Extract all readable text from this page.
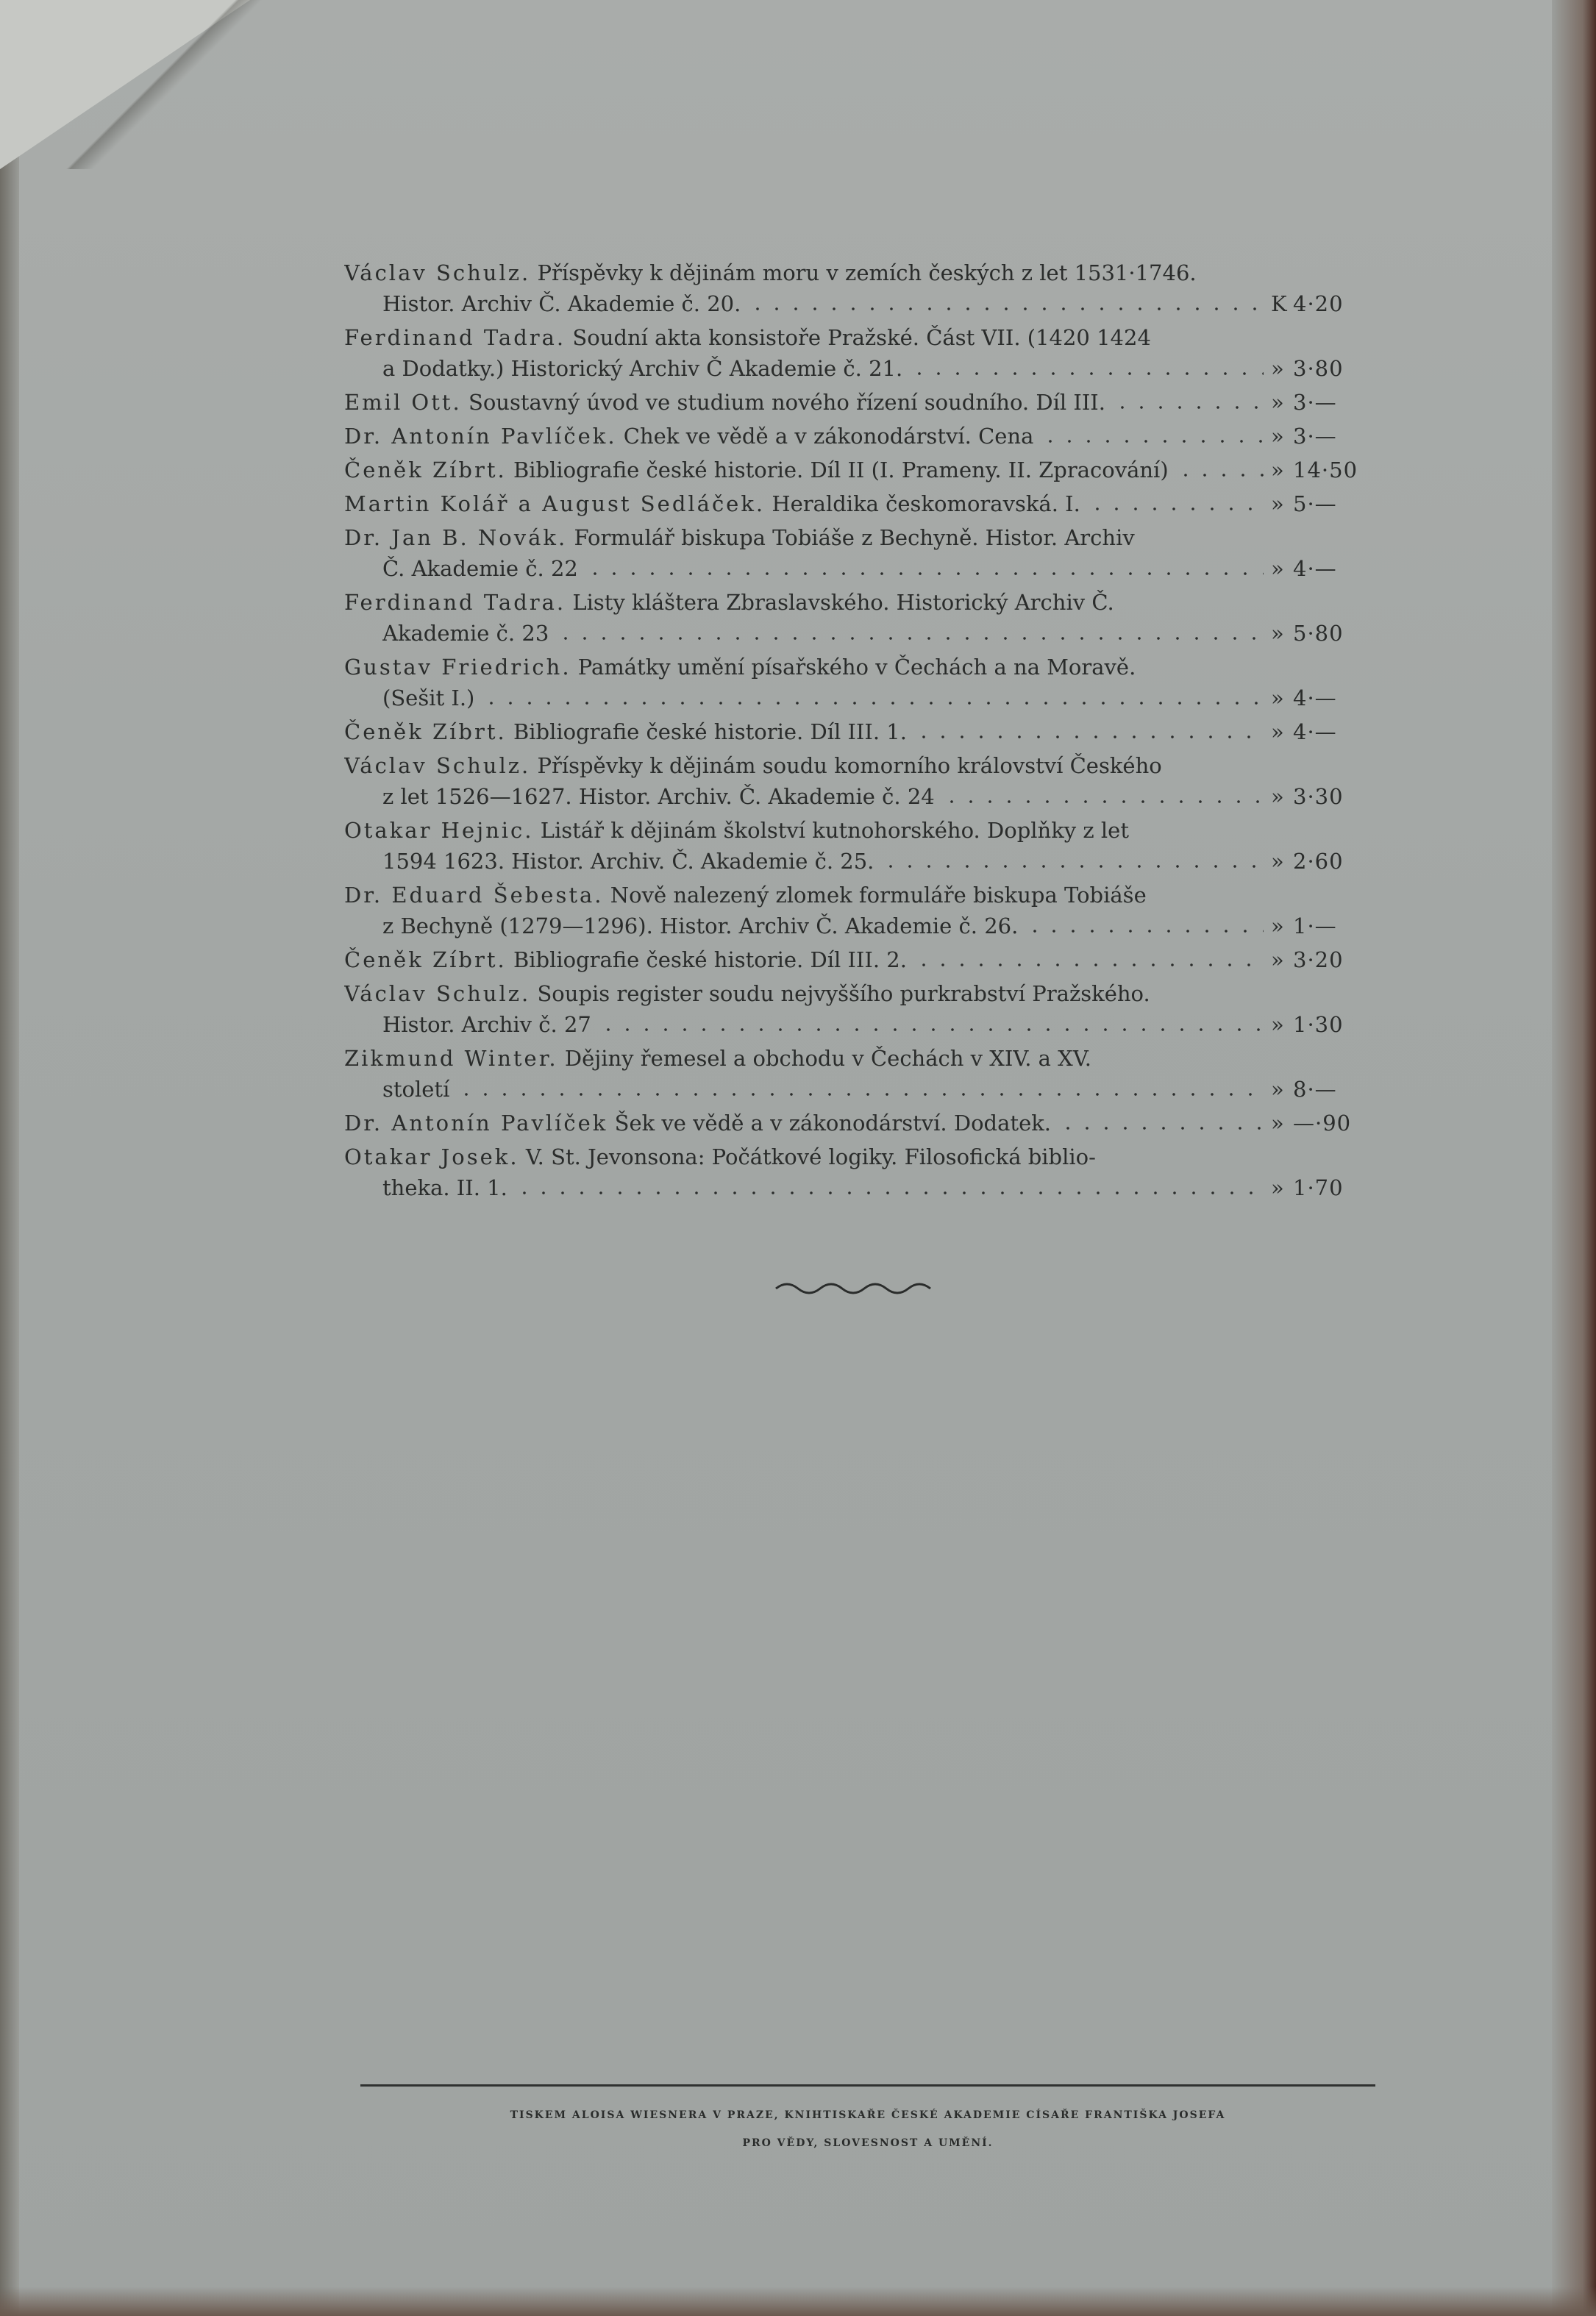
Václav Schulz. Příspěvky k dějinám moru v zemích českých z let 1531·1746.
Histor. Archiv Č. Akademie č. 20.	K 4·20
Ferdinand Tadra. Soudní akta konsistoře Pražské. Část VII. (1420 1424
a Dodatky.) Historický Archiv Č Akademie č. 21.	» 3·80
Emil Ott. Soustavný úvod ve studium nového řízení soudního. Díl III.	» 3·—
Dr. Antonín Pavlíček. Chek ve vědě a v zákonodárství. Cena	» 3·—
Čeněk Zíbrt. Bibliografie české historie. Díl II (I. Prameny. II. Zpracování)	» 14·50
Martin Kolář a August Sedláček. Heraldika českomoravská. I.	» 5·—
Dr. Jan B. Novák. Formulář biskupa Tobiáše z Bechyně. Histor. Archiv
Č. Akademie č. 22	» 4·—
Ferdinand Tadra. Listy kláštera Zbraslavského. Historický Archiv Č.
Akademie č. 23	» 5·80
Gustav Friedrich. Památky umění písařského v Čechách a na Moravě.
(Sešit I.)	» 4·—
Čeněk Zíbrt. Bibliografie české historie. Díl III. 1.	» 4·—
Václav Schulz. Příspěvky k dějinám soudu komorního království Českého
z let 1526—1627. Histor. Archiv. Č. Akademie č. 24	» 3·30
Otakar Hejnic. Listář k dějinám školství kutnohorského. Doplňky z let
1594 1623. Histor. Archiv. Č. Akademie č. 25.	» 2·60
Dr. Eduard Šebesta. Nově nalezený zlomek formuláře biskupa Tobiáše
z Bechyně (1279—1296). Histor. Archiv Č. Akademie č. 26.	» 1·—
Čeněk Zíbrt. Bibliografie české historie. Díl III. 2.	» 3·20
Václav Schulz. Soupis register soudu nejvyššího purkrabství Pražského.
Histor. Archiv č. 27	» 1·30
Zikmund Winter. Dějiny řemesel a obchodu v Čechách v XIV. a XV.
století	» 8·—
Dr. Antonín Pavlíček Šek ve vědě a v zákonodárství. Dodatek.	» —·90
Otakar Josek. V. St. Jevonsona: Počátkové logiky. Filosofická biblio-
theka. II. 1.	» 1·70
TISKEM ALOISA WIESNERA V PRAZE, KNIHTISKAŘE ČESKÉ AKADEMIE CÍSAŘE FRANTIŠKA JOSEFA
PRO VĚDY, SLOVESNOST A UMĚNÍ.
